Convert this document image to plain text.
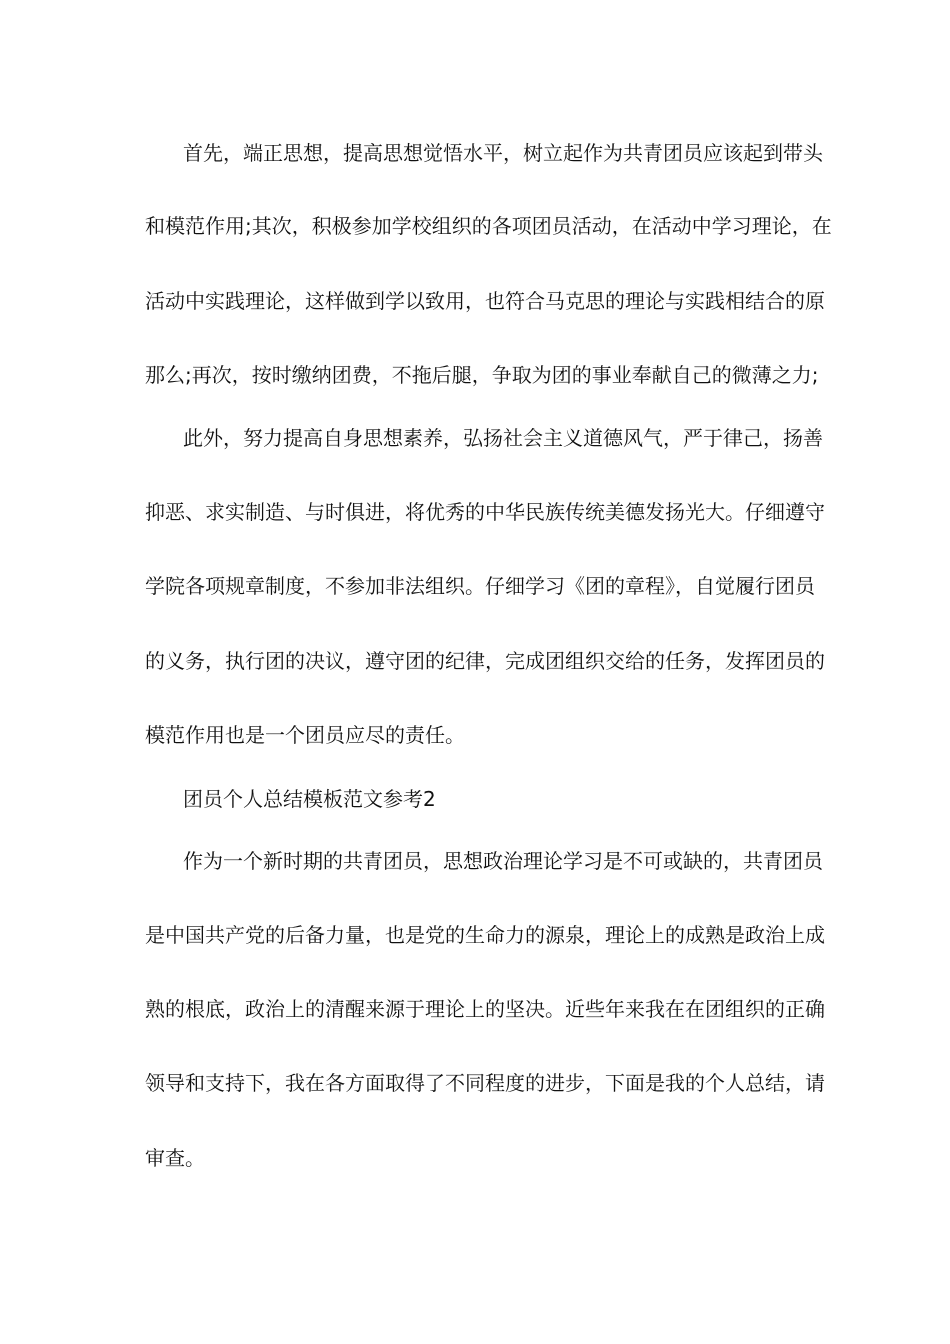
首先，端正思想，提高思想觉悟水平，树立起作为共青团员应该起到带头
和模范作用;其次，积极参加学校组织的各项团员活动，在活动中学习理论，在
活动中实践理论，这样做到学以致用，也符合马克思的理论与实践相结合的原
那么;再次，按时缴纳团费，不拖后腿，争取为团的事业奉献自己的微薄之力;
此外，努力提高自身思想素养，弘扬社会主义道德风气，严于律己，扬善
抑恶、求实制造、与时俱进，将优秀的中华民族传统美德发扬光大。仔细遵守
学院各项规章制度，不参加非法组织。仔细学习《团的章程》，自觉履行团员
的义务，执行团的决议，遵守团的纪律，完成团组织交给的任务，发挥团员的
模范作用也是一个团员应尽的责任。
团员个人总结模板范文参考2
作为一个新时期的共青团员，思想政治理论学习是不可或缺的，共青团员
是中国共产党的后备力量，也是党的生命力的源泉，理论上的成熟是政治上成
熟的根底，政治上的清醒来源于理论上的坚决。近些年来我在在团组织的正确
领导和支持下，我在各方面取得了不同程度的进步，下面是我的个人总结，请
审查。
